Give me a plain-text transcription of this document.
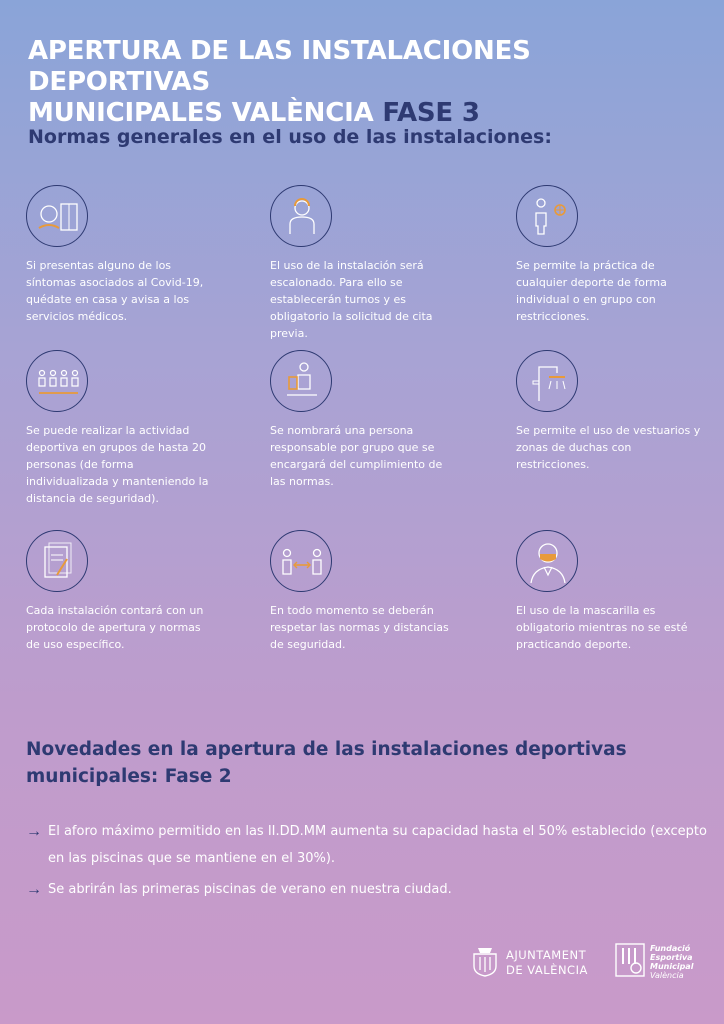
APERTURA DE LAS INSTALACIONES DEPORTIVAS
MUNICIPALES VALÈNCIA FASE 3
Normas generales en el uso de las instalaciones:
Si presentas alguno de los síntomas asociados al Covid-19, quédate en casa y avisa a los servicios médicos.
El uso de la instalación será escalonado. Para ello se establecerán turnos y es obligatorio la solicitud de cita previa.
Se permite la práctica de cualquier deporte de forma individual o en grupo con restricciones.
Se puede realizar la actividad deportiva en grupos de hasta 20 personas (de forma individualizada y manteniendo la distancia de seguridad).
Se nombrará una persona responsable por grupo que se encargará del cumplimiento de las normas.
Se permite el uso de vestuarios y zonas de duchas con restricciones.
Cada instalación contará con un protocolo de apertura y normas de uso específico.
En todo momento se deberán respetar las normas y distancias de seguridad.
El uso de la mascarilla es obligatorio mientras no se esté practicando deporte.
Novedades en la apertura de las instalaciones deportivas municipales: Fase 2
→ El aforo máximo permitido en las II.DD.MM aumenta su capacidad hasta el 50% establecido (excepto en las piscinas que se mantiene en el 30%).
→ Se abrirán las primeras piscinas de verano en nuestra ciudad.
AJUNTAMENT
DE VALÈNCIA
Fundació
Esportiva
Municipal
València
